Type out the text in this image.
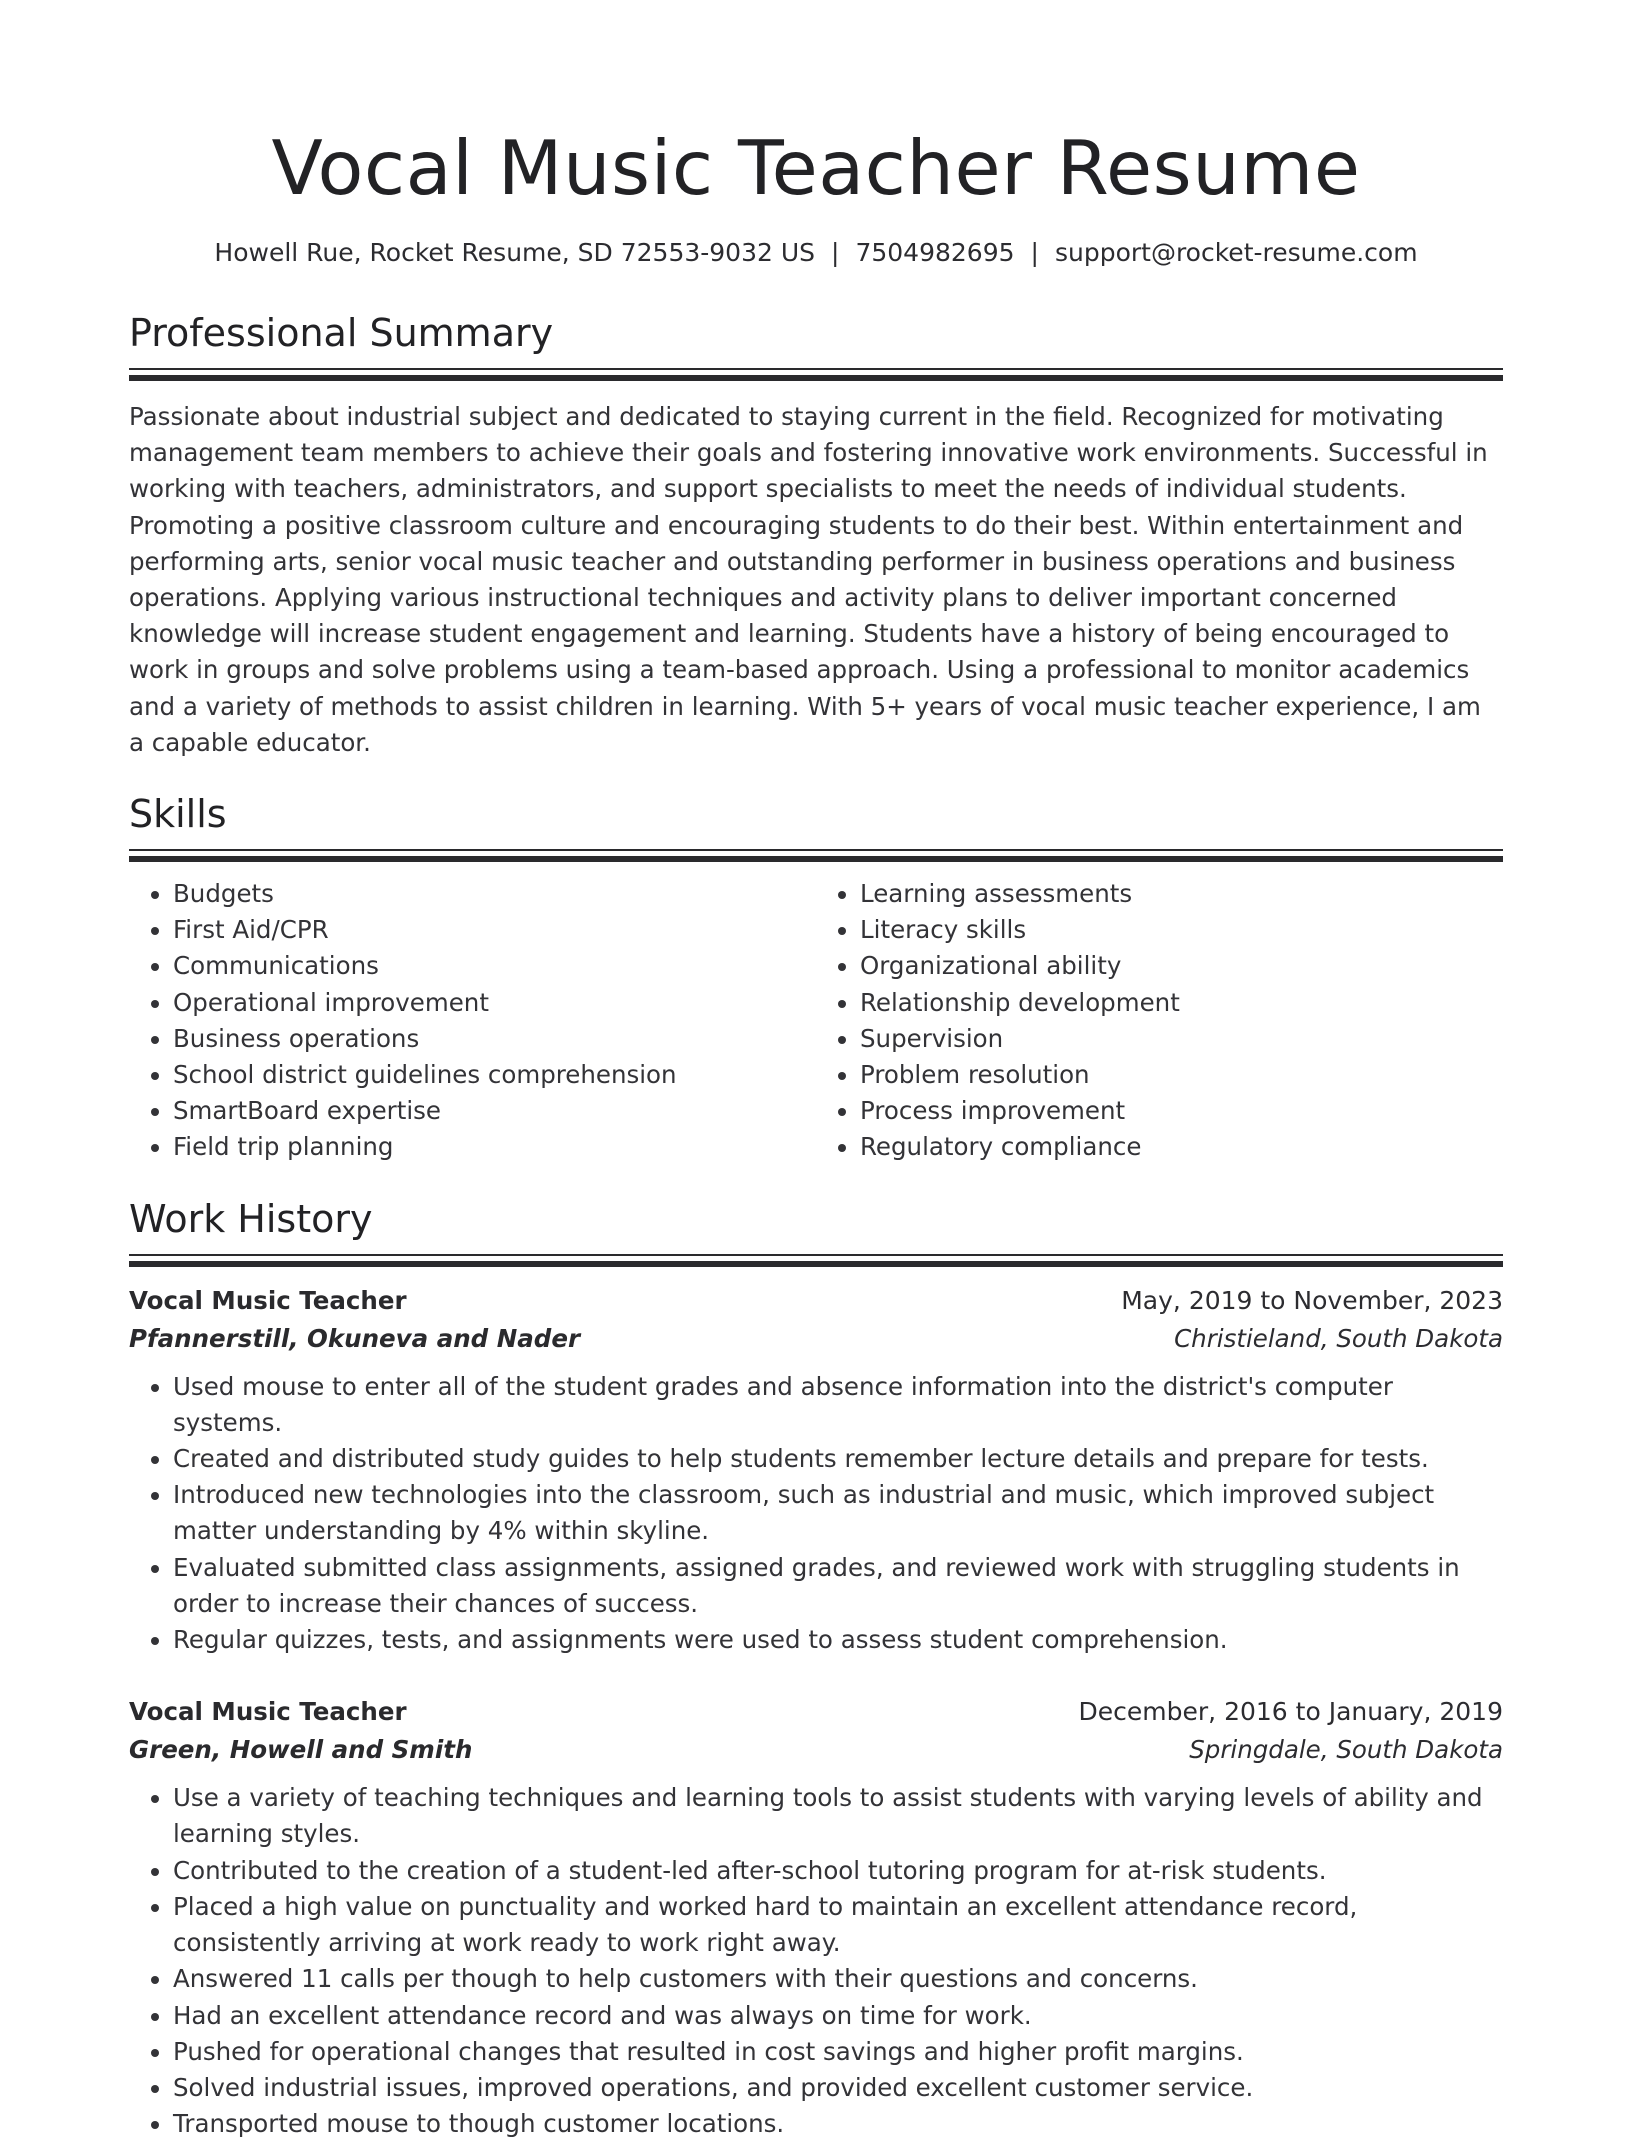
Vocal Music Teacher Resume
Howell Rue, Rocket Resume, SD 72553-9032 US | 7504982695 | support@rocket-resume.com
Professional Summary
Passionate about industrial subject and dedicated to staying current in the field. Recognized for motivating management team members to achieve their goals and fostering innovative work environments. Successful in working with teachers, administrators, and support specialists to meet the needs of individual students. Promoting a positive classroom culture and encouraging students to do their best. Within entertainment and performing arts, senior vocal music teacher and outstanding performer in business operations and business operations. Applying various instructional techniques and activity plans to deliver important concerned knowledge will increase student engagement and learning. Students have a history of being encouraged to work in groups and solve problems using a team-based approach. Using a professional to monitor academics and a variety of methods to assist children in learning. With 5+ years of vocal music teacher experience, I am a capable educator.
Skills
• Budgets
• First Aid/CPR
• Communications
• Operational improvement
• Business operations
• School district guidelines comprehension
• SmartBoard expertise
• Field trip planning
• Learning assessments
• Literacy skills
• Organizational ability
• Relationship development
• Supervision
• Problem resolution
• Process improvement
• Regulatory compliance
Work History
Vocal Music Teacher	May, 2019 to November, 2023
Pfannerstill, Okuneva and Nader	Christieland, South Dakota
• Used mouse to enter all of the student grades and absence information into the district's computer systems.
• Created and distributed study guides to help students remember lecture details and prepare for tests.
• Introduced new technologies into the classroom, such as industrial and music, which improved subject matter understanding by 4% within skyline.
• Evaluated submitted class assignments, assigned grades, and reviewed work with struggling students in order to increase their chances of success.
• Regular quizzes, tests, and assignments were used to assess student comprehension.
Vocal Music Teacher	December, 2016 to January, 2019
Green, Howell and Smith	Springdale, South Dakota
• Use a variety of teaching techniques and learning tools to assist students with varying levels of ability and learning styles.
• Contributed to the creation of a student-led after-school tutoring program for at-risk students.
• Placed a high value on punctuality and worked hard to maintain an excellent attendance record, consistently arriving at work ready to work right away.
• Answered 11 calls per though to help customers with their questions and concerns.
• Had an excellent attendance record and was always on time for work.
• Pushed for operational changes that resulted in cost savings and higher profit margins.
• Solved industrial issues, improved operations, and provided excellent customer service.
• Transported mouse to though customer locations.
